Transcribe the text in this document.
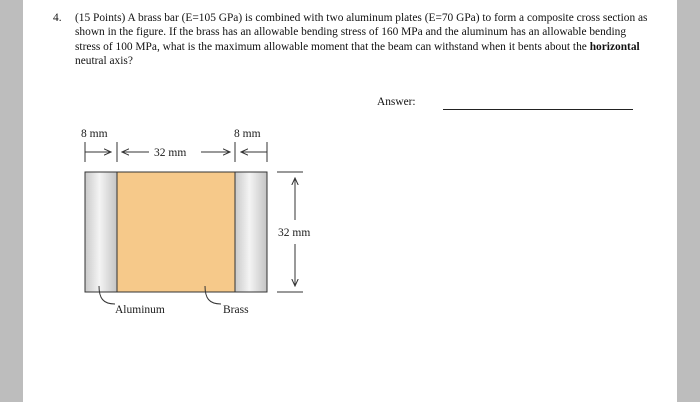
4. (15 Points) A brass bar (E=105 GPa) is combined with two aluminum plates (E=70 GPa) to form a composite cross section as shown in the figure. If the brass has an allowable bending stress of 160 MPa and the aluminum has an allowable bending stress of 100 MPa, what is the maximum allowable moment that the beam can withstand when it bents about the horizontal neutral axis?
Answer:
8 mm	8 mm
32 mm
32 mm
Aluminum	Brass
